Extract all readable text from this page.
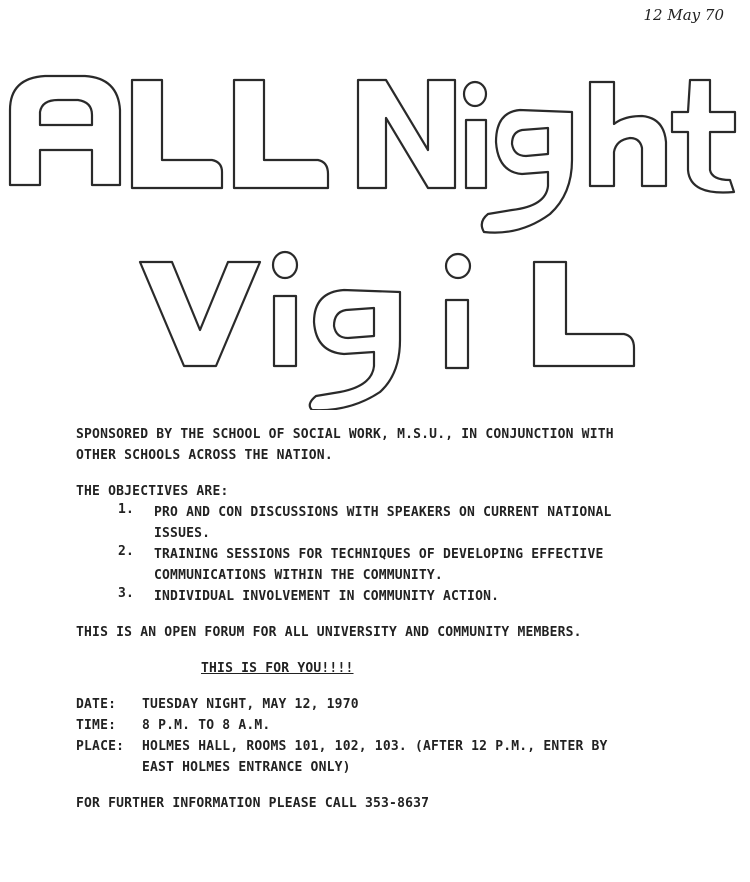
12 May 70
SPONSORED BY THE SCHOOL OF SOCIAL WORK, M.S.U., IN CONJUNCTION WITH
OTHER SCHOOLS ACROSS THE NATION.
THE OBJECTIVES ARE:
1.	PRO AND CON DISCUSSIONS WITH SPEAKERS ON CURRENT NATIONAL ISSUES.
2.	TRAINING SESSIONS FOR TECHNIQUES OF DEVELOPING EFFECTIVE COMMUNICATIONS WITHIN THE COMMUNITY.
3.	INDIVIDUAL INVOLVEMENT IN COMMUNITY ACTION.
THIS IS AN OPEN FORUM FOR ALL UNIVERSITY AND COMMUNITY MEMBERS.
THIS IS FOR YOU!!!!
DATE: TUESDAY NIGHT, MAY 12, 1970
TIME: 8 P.M. TO 8 A.M.
PLACE: HOLMES HALL, ROOMS 101, 102, 103. (AFTER 12 P.M., ENTER BY
EAST HOLMES ENTRANCE ONLY)
FOR FURTHER INFORMATION PLEASE CALL 353-8637
